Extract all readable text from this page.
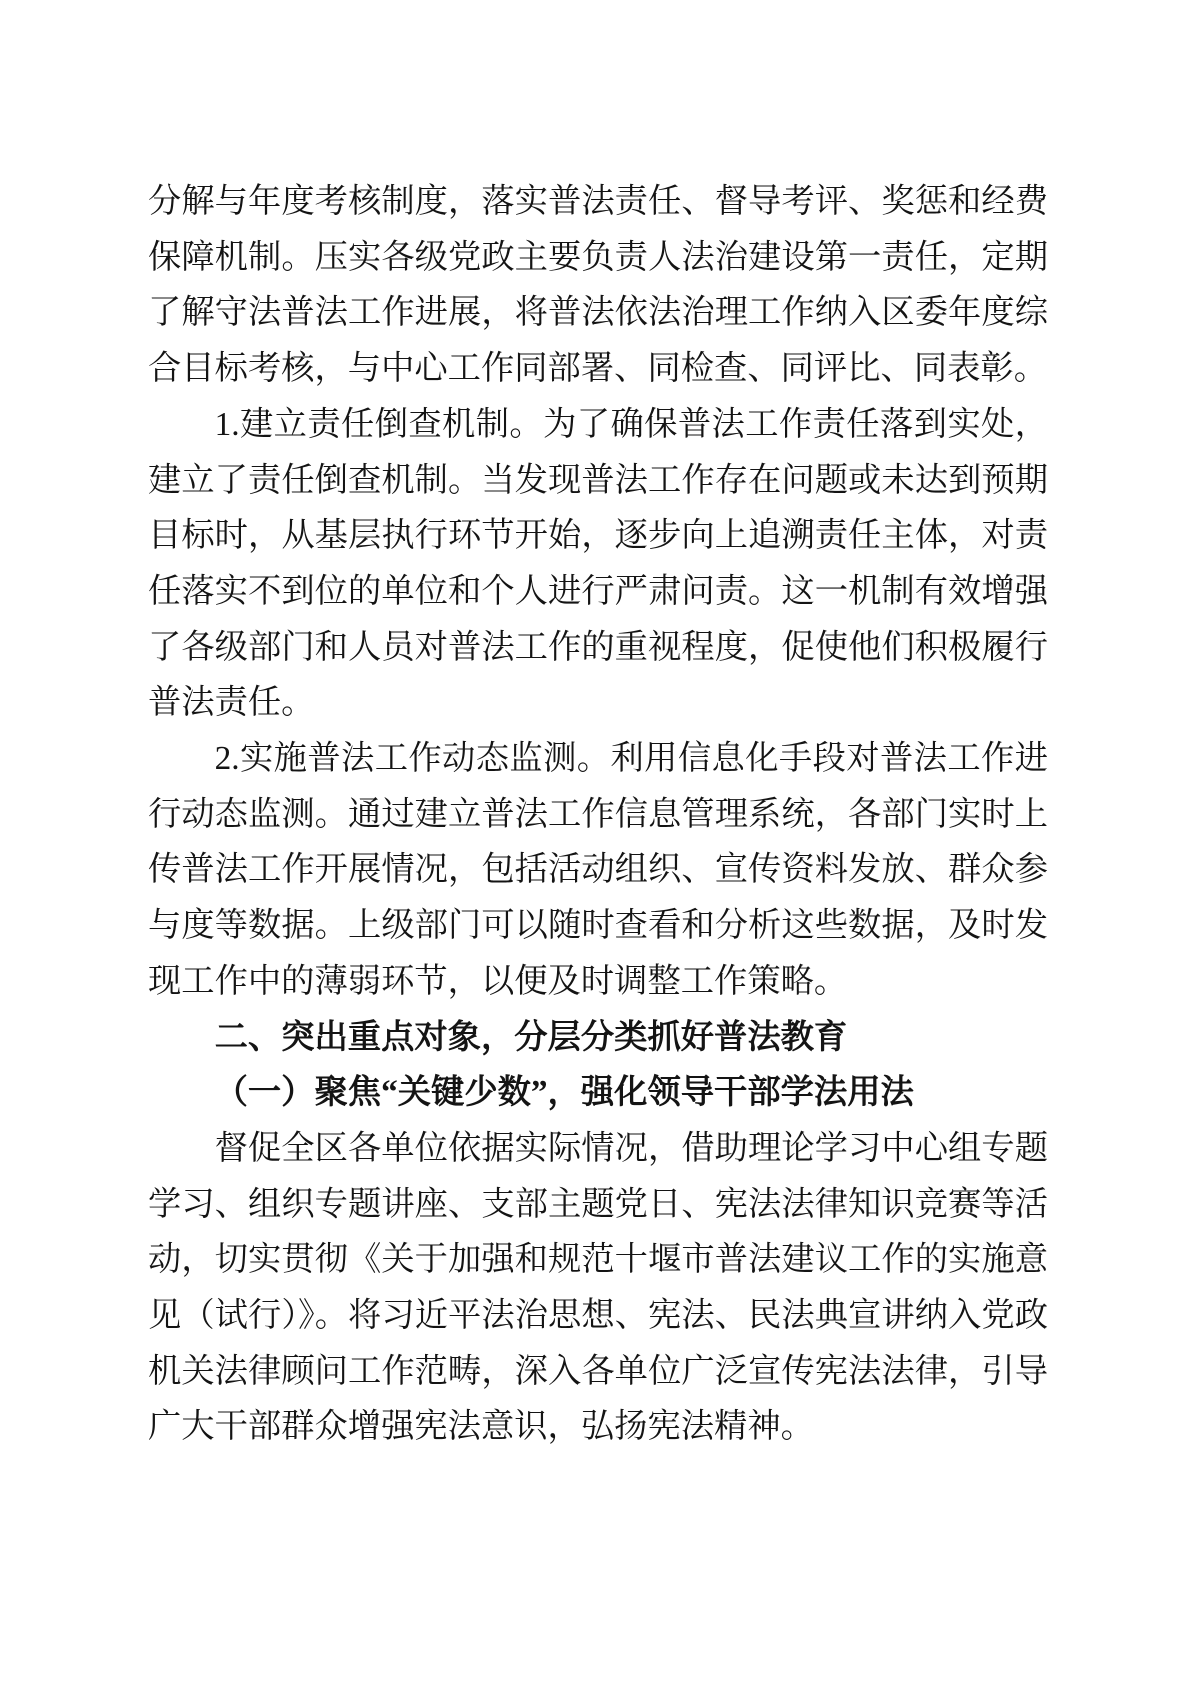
分解与年度考核制度，落实普法责任、督导考评、奖惩和经费保障机制。压实各级党政主要负责人法治建设第一责任，定期了解守法普法工作进展，将普法依法治理工作纳入区委年度综合目标考核，与中心工作同部署、同检查、同评比、同表彰。

1.建立责任倒查机制。为了确保普法工作责任落到实处，建立了责任倒查机制。当发现普法工作存在问题或未达到预期目标时，从基层执行环节开始，逐步向上追溯责任主体，对责任落实不到位的单位和个人进行严肃问责。这一机制有效增强了各级部门和人员对普法工作的重视程度，促使他们积极履行普法责任。

2.实施普法工作动态监测。利用信息化手段对普法工作进行动态监测。通过建立普法工作信息管理系统，各部门实时上传普法工作开展情况，包括活动组织、宣传资料发放、群众参与度等数据。上级部门可以随时查看和分析这些数据，及时发现工作中的薄弱环节，以便及时调整工作策略。

二、突出重点对象，分层分类抓好普法教育

（一）聚焦“关键少数”，强化领导干部学法用法

督促全区各单位依据实际情况，借助理论学习中心组专题学习、组织专题讲座、支部主题党日、宪法法律知识竞赛等活动，切实贯彻《关于加强和规范十堰市普法建议工作的实施意见（试行）》。将习近平法治思想、宪法、民法典宣讲纳入党政机关法律顾问工作范畴，深入各单位广泛宣传宪法法律，引导广大干部群众增强宪法意识，弘扬宪法精神。
